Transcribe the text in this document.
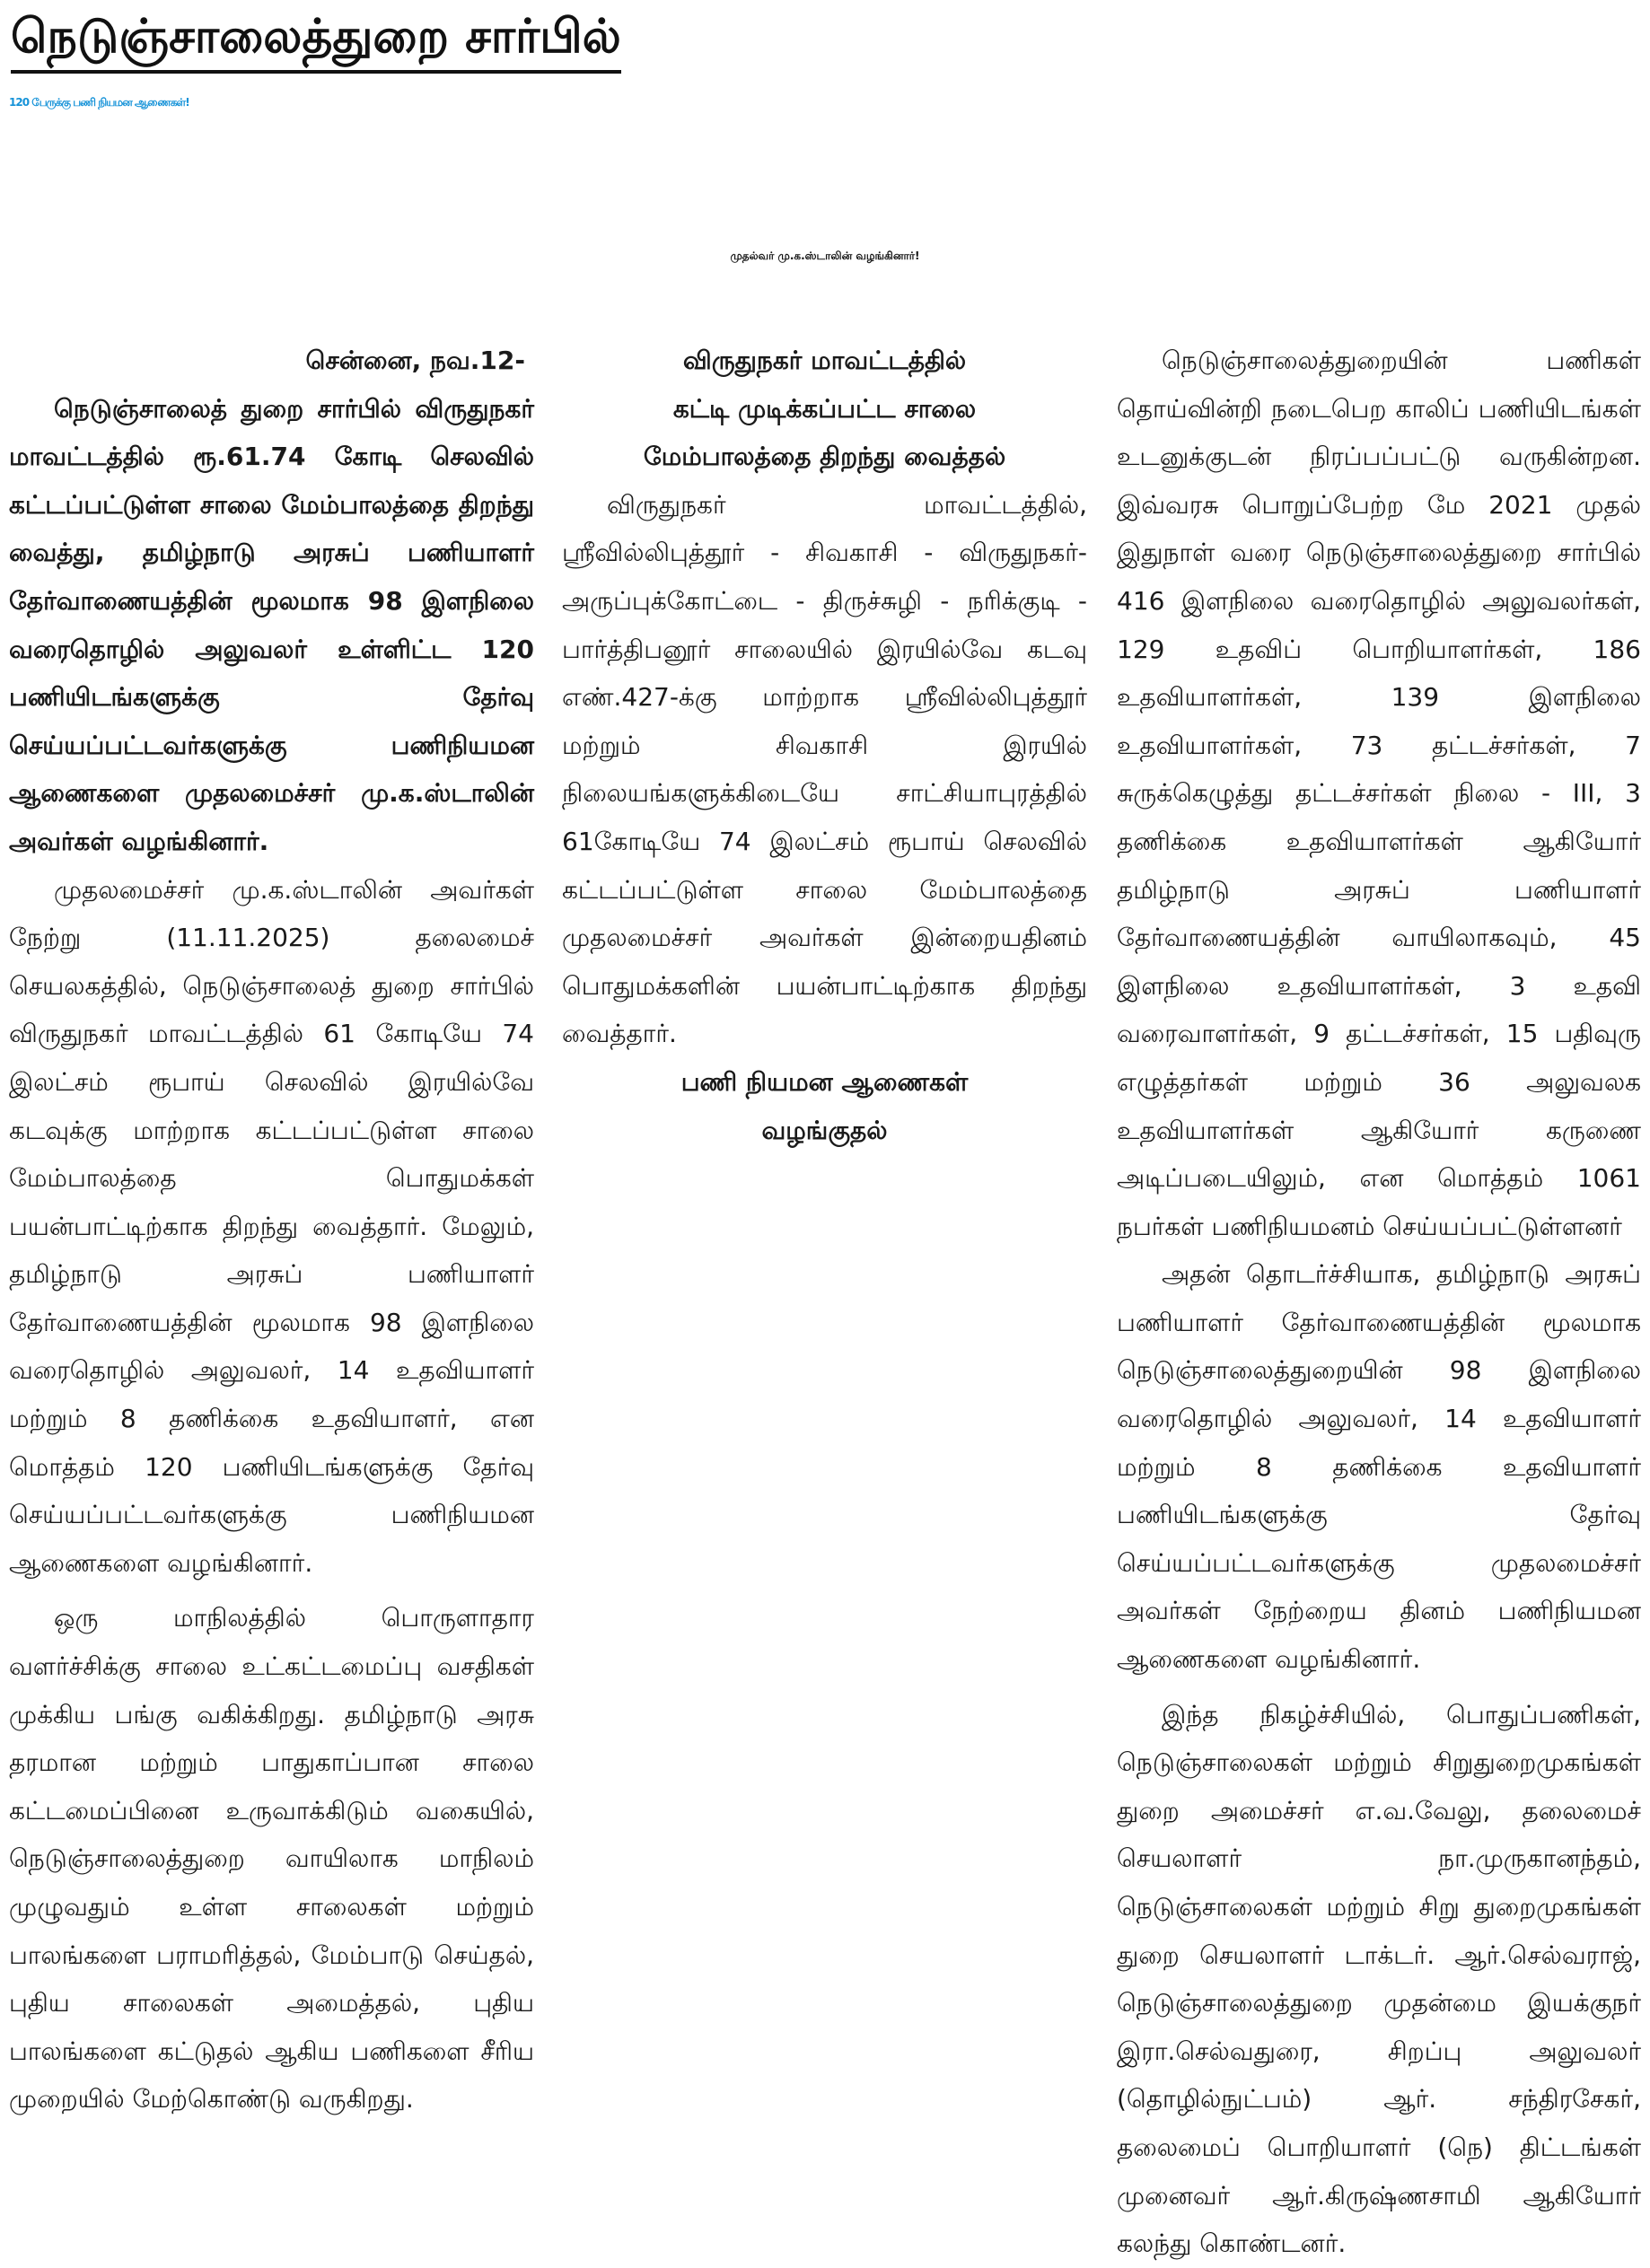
நெடுஞ்சாலைத்துறை சார்பில்
120 பேருக்கு பணி நியமன ஆணைகள்!
முதல்வர் மு.க.ஸ்டாலின் வழங்கினார்!

சென்னை, நவ.12-

நெடுஞ்சாலைத் துறை சார்பில் விருதுநகர் மாவட்டத்தில் ரூ.61.74 கோடி செலவில் கட்டப்பட்டுள்ள சாலை மேம்பாலத்தை திறந்து வைத்து, தமிழ்நாடு அரசுப் பணியாளர் தேர்வாணையத்தின் மூலமாக 98 இளநிலை வரைதொழில் அலுவலர் உள்ளிட்ட 120 பணியிடங்களுக்கு தேர்வு செய்யப்பட்டவர்களுக்கு பணிநியமன ஆணைகளை முதலமைச்சர் மு.க.ஸ்டாலின் அவர்கள் வழங்கினார்.

முதலமைச்சர் மு.க.ஸ்டாலின் அவர்கள் நேற்று (11.11.2025) தலைமைச் செயலகத்தில், நெடுஞ்சாலைத் துறை சார்பில் விருதுநகர் மாவட்டத்தில் 61 கோடியே 74 இலட்சம் ரூபாய் செலவில் இரயில்வே கடவுக்கு மாற்றாக கட்டப்பட்டுள்ள சாலை மேம்பாலத்தை பொதுமக்கள் பயன்பாட்டிற்காக திறந்து வைத்தார். மேலும், தமிழ்நாடு அரசுப் பணியாளர் தேர்வாணையத்தின் மூலமாக 98 இளநிலை வரைதொழில் அலுவலர், 14 உதவியாளர் மற்றும் 8 தணிக்கை உதவியாளர், என மொத்தம் 120 பணியிடங்களுக்கு தேர்வு செய்யப்பட்டவர்களுக்கு பணிநியமன ஆணைகளை வழங்கினார்.

ஒரு மாநிலத்தில் பொருளாதார வளர்ச்சிக்கு சாலை உட்கட்டமைப்பு வசதிகள் முக்கிய பங்கு வகிக்கிறது. தமிழ்நாடு அரசு தரமான மற்றும் பாதுகாப்பான சாலை கட்டமைப்பினை உருவாக்கிடும் வகையில், நெடுஞ்சாலைத்துறை வாயிலாக மாநிலம் முழுவதும் உள்ள சாலைகள் மற்றும் பாலங்களை பராமரித்தல், மேம்பாடு செய்தல், புதிய சாலைகள் அமைத்தல், புதிய பாலங்களை கட்டுதல் ஆகிய பணிகளை சீரிய முறையில் மேற்கொண்டு வருகிறது.

விருதுநகர் மாவட்டத்தில்

கட்டி முடிக்கப்பட்ட சாலை

மேம்பாலத்தை திறந்து வைத்தல்

விருதுநகர் மாவட்டத்தில், ஸ்ரீவில்லிபுத்தூர் - சிவகாசி - விருதுநகர்- அருப்புக்கோட்டை - திருச்சுழி - நரிக்குடி - பார்த்திபனூர் சாலையில் இரயில்வே கடவு எண்.427-க்கு மாற்றாக ஸ்ரீவில்லிபுத்தூர் மற்றும் சிவகாசி இரயில் நிலையங்களுக்கிடையே சாட்சியாபுரத்தில் 61கோடியே 74 இலட்சம் ரூபாய் செலவில் கட்டப்பட்டுள்ள சாலை மேம்பாலத்தை முதலமைச்சர் அவர்கள் இன்றையதினம் பொதுமக்களின் பயன்பாட்டிற்காக திறந்து வைத்தார்.

பணி நியமன ஆணைகள்

வழங்குதல்

நெடுஞ்சாலைத்துறையின் பணிகள் தொய்வின்றி நடைபெற காலிப் பணியிடங்கள் உடனுக்குடன் நிரப்பப்பட்டு வருகின்றன. இவ்வரசு பொறுப்பேற்ற மே 2021 முதல் இதுநாள் வரை நெடுஞ்சாலைத்துறை சார்பில் 416 இளநிலை வரைதொழில் அலுவலர்கள், 129 உதவிப் பொறியாளர்கள், 186 உதவியாளர்கள், 139 இளநிலை உதவியாளர்கள், 73 தட்டச்சர்கள், 7 சுருக்கெழுத்து தட்டச்சர்கள் நிலை - III, 3 தணிக்கை உதவியாளர்கள் ஆகியோர் தமிழ்நாடு அரசுப் பணியாளர் தேர்வாணையத்தின் வாயிலாகவும், 45 இளநிலை உதவியாளர்கள், 3 உதவி வரைவாளர்கள், 9 தட்டச்சர்கள், 15 பதிவுரு எழுத்தர்கள் மற்றும் 36 அலுவலக உதவியாளர்கள் ஆகியோர் கருணை அடிப்படையிலும், என மொத்தம் 1061 நபர்கள் பணிநியமனம் செய்யப்பட்டுள்ளனர்

அதன் தொடர்ச்சியாக, தமிழ்நாடு அரசுப் பணியாளர் தேர்வாணையத்தின் மூலமாக நெடுஞ்சாலைத்துறையின் 98 இளநிலை வரைதொழில் அலுவலர், 14 உதவியாளர் மற்றும் 8 தணிக்கை உதவியாளர் பணியிடங்களுக்கு தேர்வு செய்யப்பட்டவர்களுக்கு முதலமைச்சர் அவர்கள் நேற்றைய தினம் பணிநியமன ஆணைகளை வழங்கினார்.

இந்த நிகழ்ச்சியில், பொதுப்பணிகள், நெடுஞ்சாலைகள் மற்றும் சிறுதுறைமுகங்கள் துறை அமைச்சர் எ.வ.வேலு, தலைமைச் செயலாளர் நா.முருகானந்தம், நெடுஞ்சாலைகள் மற்றும் சிறு துறைமுகங்கள் துறை செயலாளர் டாக்டர். ஆர்.செல்வராஜ், நெடுஞ்சாலைத்துறை முதன்மை இயக்குநர் இரா.செல்வதுரை, சிறப்பு அலுவலர் (தொழில்நுட்பம்) ஆர். சந்திரசேகர், தலைமைப் பொறியாளர் (நெ) திட்டங்கள் முனைவர் ஆர்.கிருஷ்ணசாமி ஆகியோர் கலந்து கொண்டனர்.
